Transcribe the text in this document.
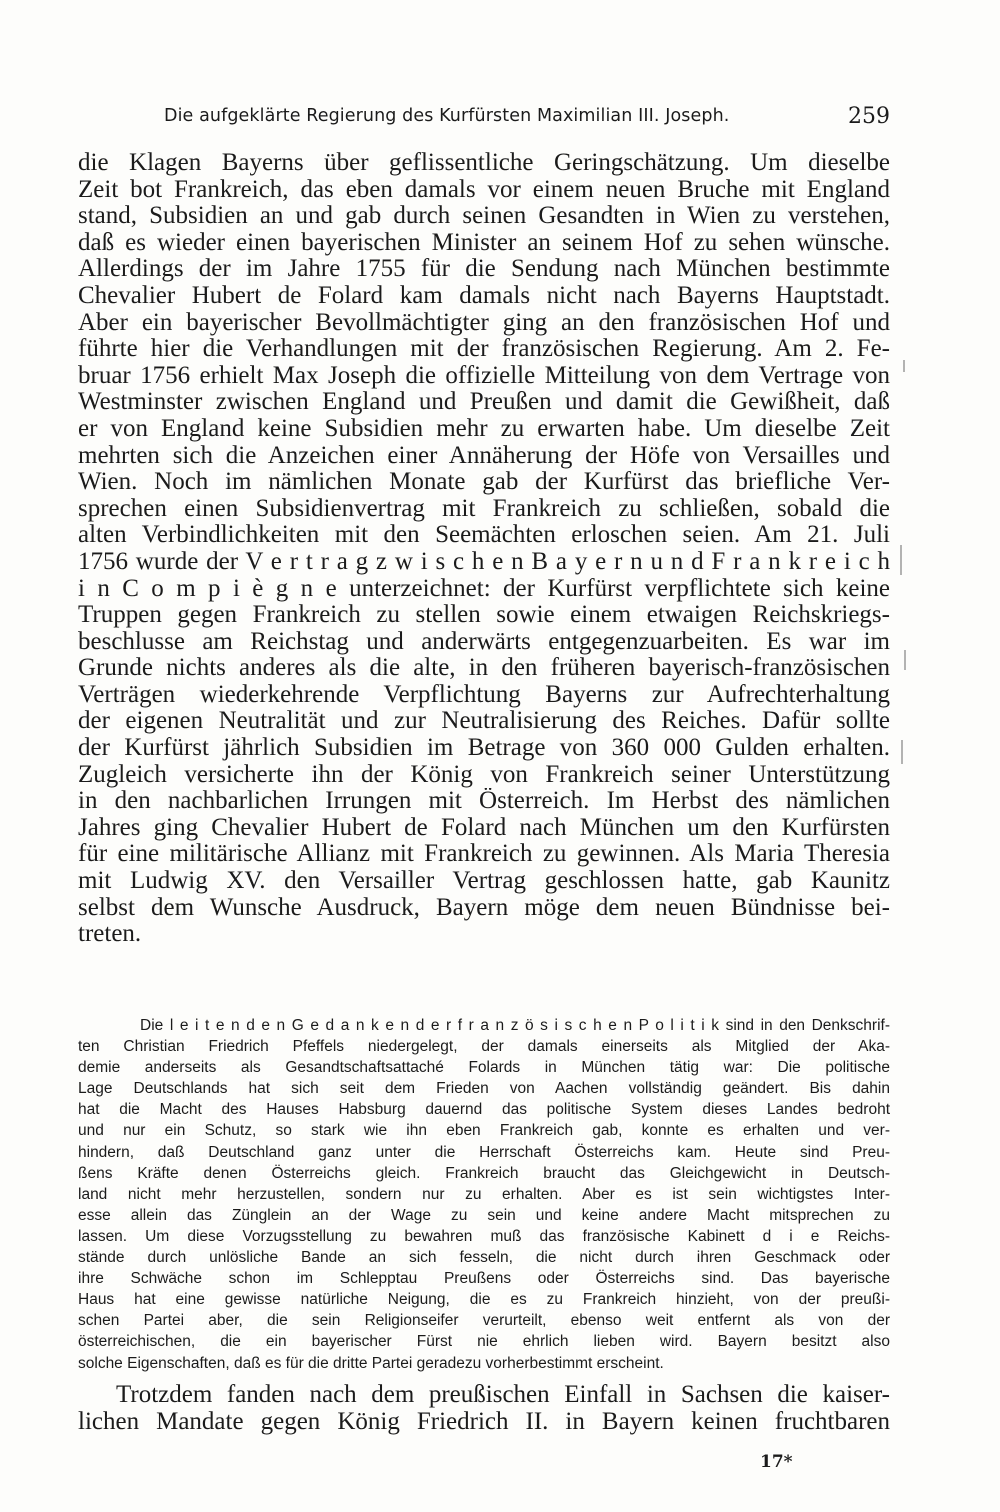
Die aufgeklärte Regierung des Kurfürsten Maximilian III. Joseph.	259
die Klagen Bayerns über geflissentliche Geringschätzung. Um dieselbe
Zeit bot Frankreich, das eben damals vor einem neuen Bruche mit England
stand, Subsidien an und gab durch seinen Gesandten in Wien zu verstehen,
daß es wieder einen bayerischen Minister an seinem Hof zu sehen wünsche.
Allerdings der im Jahre 1755 für die Sendung nach München bestimmte
Chevalier Hubert de Folard kam damals nicht nach Bayerns Hauptstadt.
Aber ein bayerischer Bevollmächtigter ging an den französischen Hof und
führte hier die Verhandlungen mit der französischen Regierung. Am 2. Fe-
bruar 1756 erhielt Max Joseph die offizielle Mitteilung von dem Vertrage von
Westminster zwischen England und Preußen und damit die Gewißheit, daß
er von England keine Subsidien mehr zu erwarten habe. Um dieselbe Zeit
mehrten sich die Anzeichen einer Annäherung der Höfe von Versailles und
Wien. Noch im nämlichen Monate gab der Kurfürst das briefliche Ver-
sprechen einen Subsidienvertrag mit Frankreich zu schließen, sobald die
alten Verbindlichkeiten mit den Seemächten erloschen seien. Am 21. Juli
1756 wurde der V e r t r a g z w i s c h e n B a y e r n u n d F r a n k r e i c h
i n C o m p i è g n e unterzeichnet: der Kurfürst verpflichtete sich keine
Truppen gegen Frankreich zu stellen sowie einem etwaigen Reichskriegs-
beschlusse am Reichstag und anderwärts entgegenzuarbeiten. Es war im
Grunde nichts anderes als die alte, in den früheren bayerisch-französischen
Verträgen wiederkehrende Verpflichtung Bayerns zur Aufrechterhaltung
der eigenen Neutralität und zur Neutralisierung des Reiches. Dafür sollte
der Kurfürst jährlich Subsidien im Betrage von 360 000 Gulden erhalten.
Zugleich versicherte ihn der König von Frankreich seiner Unterstützung
in den nachbarlichen Irrungen mit Österreich. Im Herbst des nämlichen
Jahres ging Chevalier Hubert de Folard nach München um den Kurfürsten
für eine militärische Allianz mit Frankreich zu gewinnen. Als Maria Theresia
mit Ludwig XV. den Versailler Vertrag geschlossen hatte, gab Kaunitz
selbst dem Wunsche Ausdruck, Bayern möge dem neuen Bündnisse bei-
treten.
Die l e i t e n d e n G e d a n k e n d e r f r a n z ö s i s c h e n P o l i t i k sind in den Denkschrif-
ten Christian Friedrich Pfeffels niedergelegt, der damals einerseits als Mitglied der Aka-
demie anderseits als Gesandtschaftsattaché Folards in München tätig war: Die politische
Lage Deutschlands hat sich seit dem Frieden von Aachen vollständig geändert. Bis dahin
hat die Macht des Hauses Habsburg dauernd das politische System dieses Landes bedroht
und nur ein Schutz, so stark wie ihn eben Frankreich gab, konnte es erhalten und ver-
hindern, daß Deutschland ganz unter die Herrschaft Österreichs kam. Heute sind Preu-
ßens Kräfte denen Österreichs gleich. Frankreich braucht das Gleichgewicht in Deutsch-
land nicht mehr herzustellen, sondern nur zu erhalten. Aber es ist sein wichtigstes Inter-
esse allein das Zünglein an der Wage zu sein und keine andere Macht mitsprechen zu
lassen. Um diese Vorzugsstellung zu bewahren muß das französische Kabinett d i e Reichs-
stände durch unlösliche Bande an sich fesseln, die nicht durch ihren Geschmack oder
ihre Schwäche schon im Schlepptau Preußens oder Österreichs sind. Das bayerische
Haus hat eine gewisse natürliche Neigung, die es zu Frankreich hinzieht, von der preußi-
schen Partei aber, die sein Religionseifer verurteilt, ebenso weit entfernt als von der
österreichischen, die ein bayerischer Fürst nie ehrlich lieben wird. Bayern besitzt also
solche Eigenschaften, daß es für die dritte Partei geradezu vorherbestimmt erscheint.
Trotzdem fanden nach dem preußischen Einfall in Sachsen die kaiser-
lichen Mandate gegen König Friedrich II. in Bayern keinen fruchtbaren
17*
